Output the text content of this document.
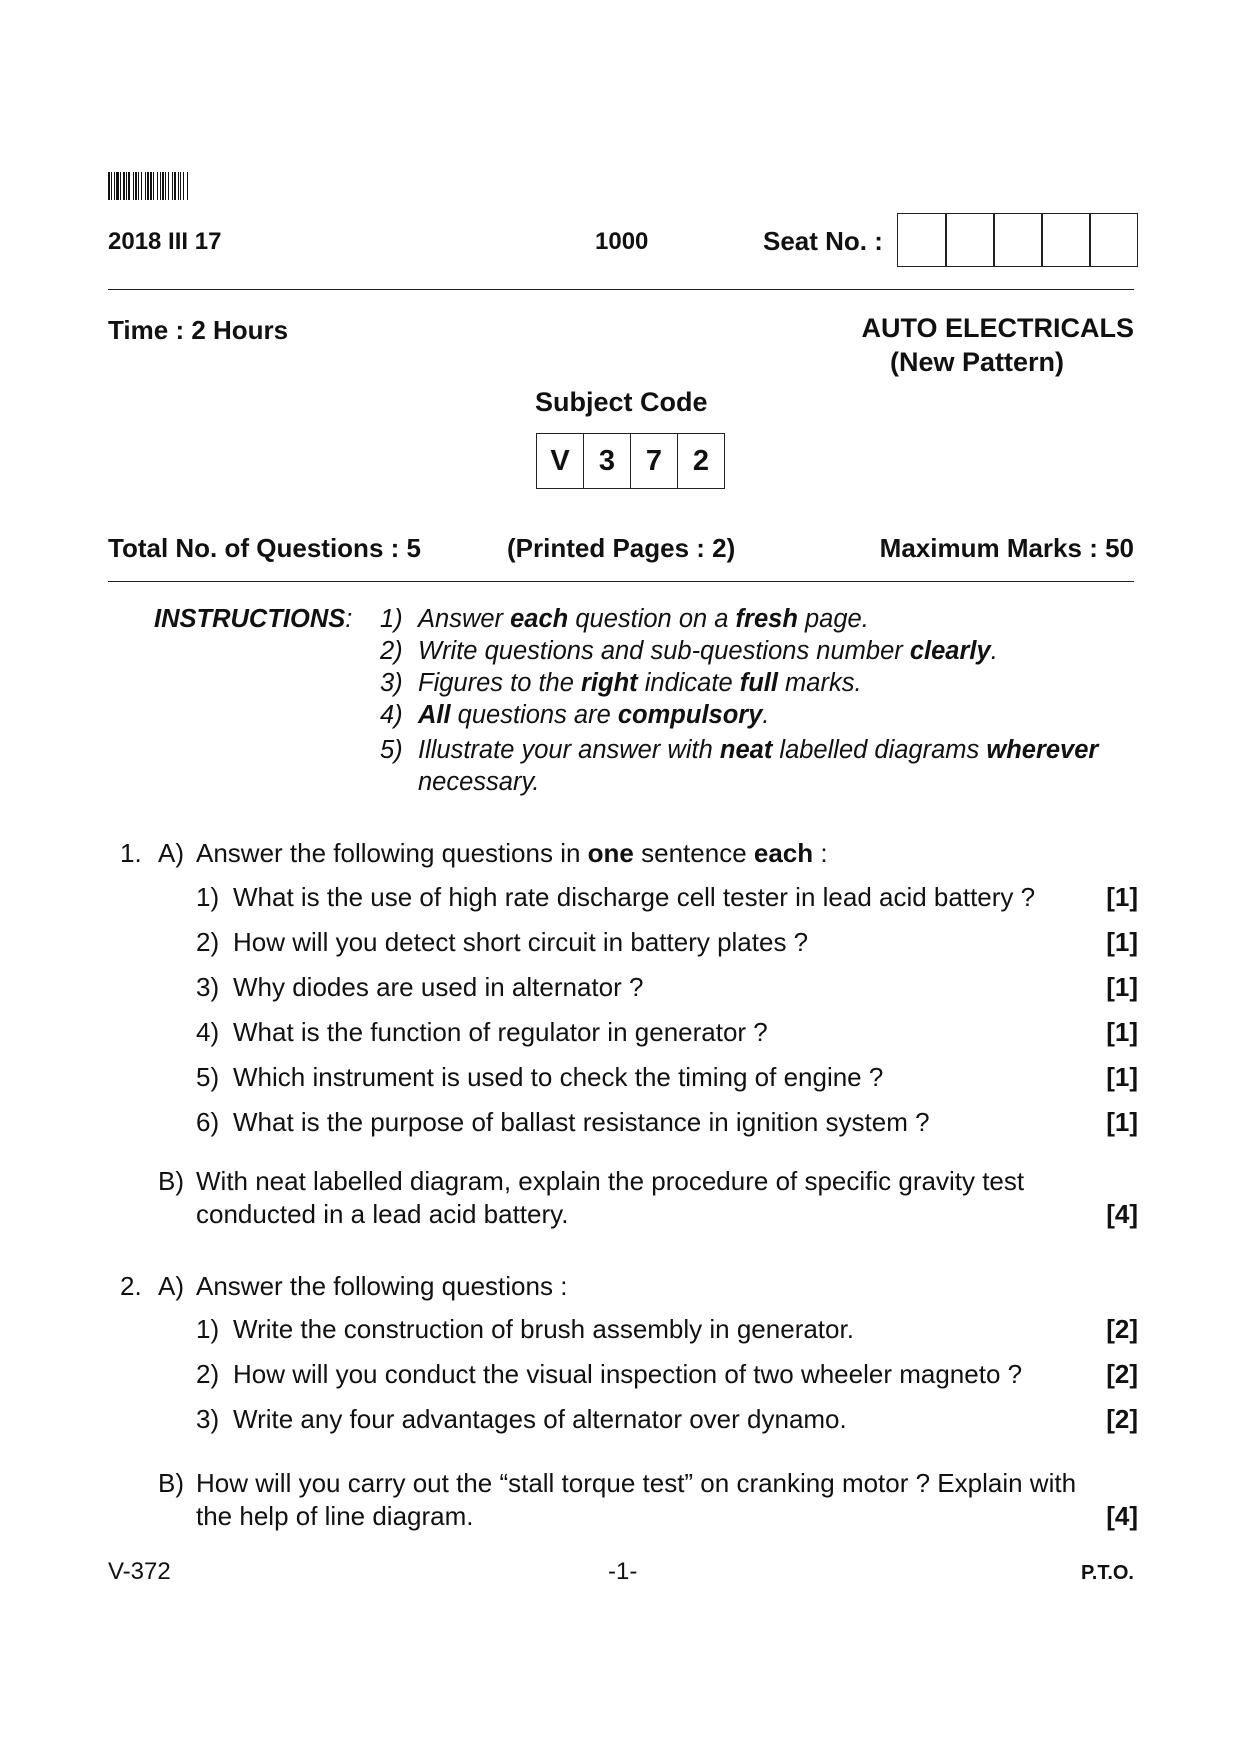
2018 III 17	1000	Seat No. :
Time : 2 Hours	AUTO ELECTRICALS
(New Pattern)
Subject Code
V	3	7	2
Total No. of Questions : 5	(Printed Pages : 2)	Maximum Marks : 50
INSTRUCTIONS: 1) Answer each question on a fresh page.
2) Write questions and sub-questions number clearly.
3) Figures to the right indicate full marks.
4) All questions are compulsory.
5) Illustrate your answer with neat labelled diagrams wherever
necessary.
1. A) Answer the following questions in one sentence each :
1) What is the use of high rate discharge cell tester in lead acid battery ?	[1]
2) How will you detect short circuit in battery plates ?	[1]
3) Why diodes are used in alternator ?	[1]
4) What is the function of regulator in generator ?	[1]
5) Which instrument is used to check the timing of engine ?	[1]
6) What is the purpose of ballast resistance in ignition system ?	[1]
B) With neat labelled diagram, explain the procedure of specific gravity test
conducted in a lead acid battery.	[4]
2. A) Answer the following questions :
1) Write the construction of brush assembly in generator.	[2]
2) How will you conduct the visual inspection of two wheeler magneto ?	[2]
3) Write any four advantages of alternator over dynamo.	[2]
B) How will you carry out the “stall torque test” on cranking motor ? Explain with
the help of line diagram.	[4]
V-372	-1-	P.T.O.
